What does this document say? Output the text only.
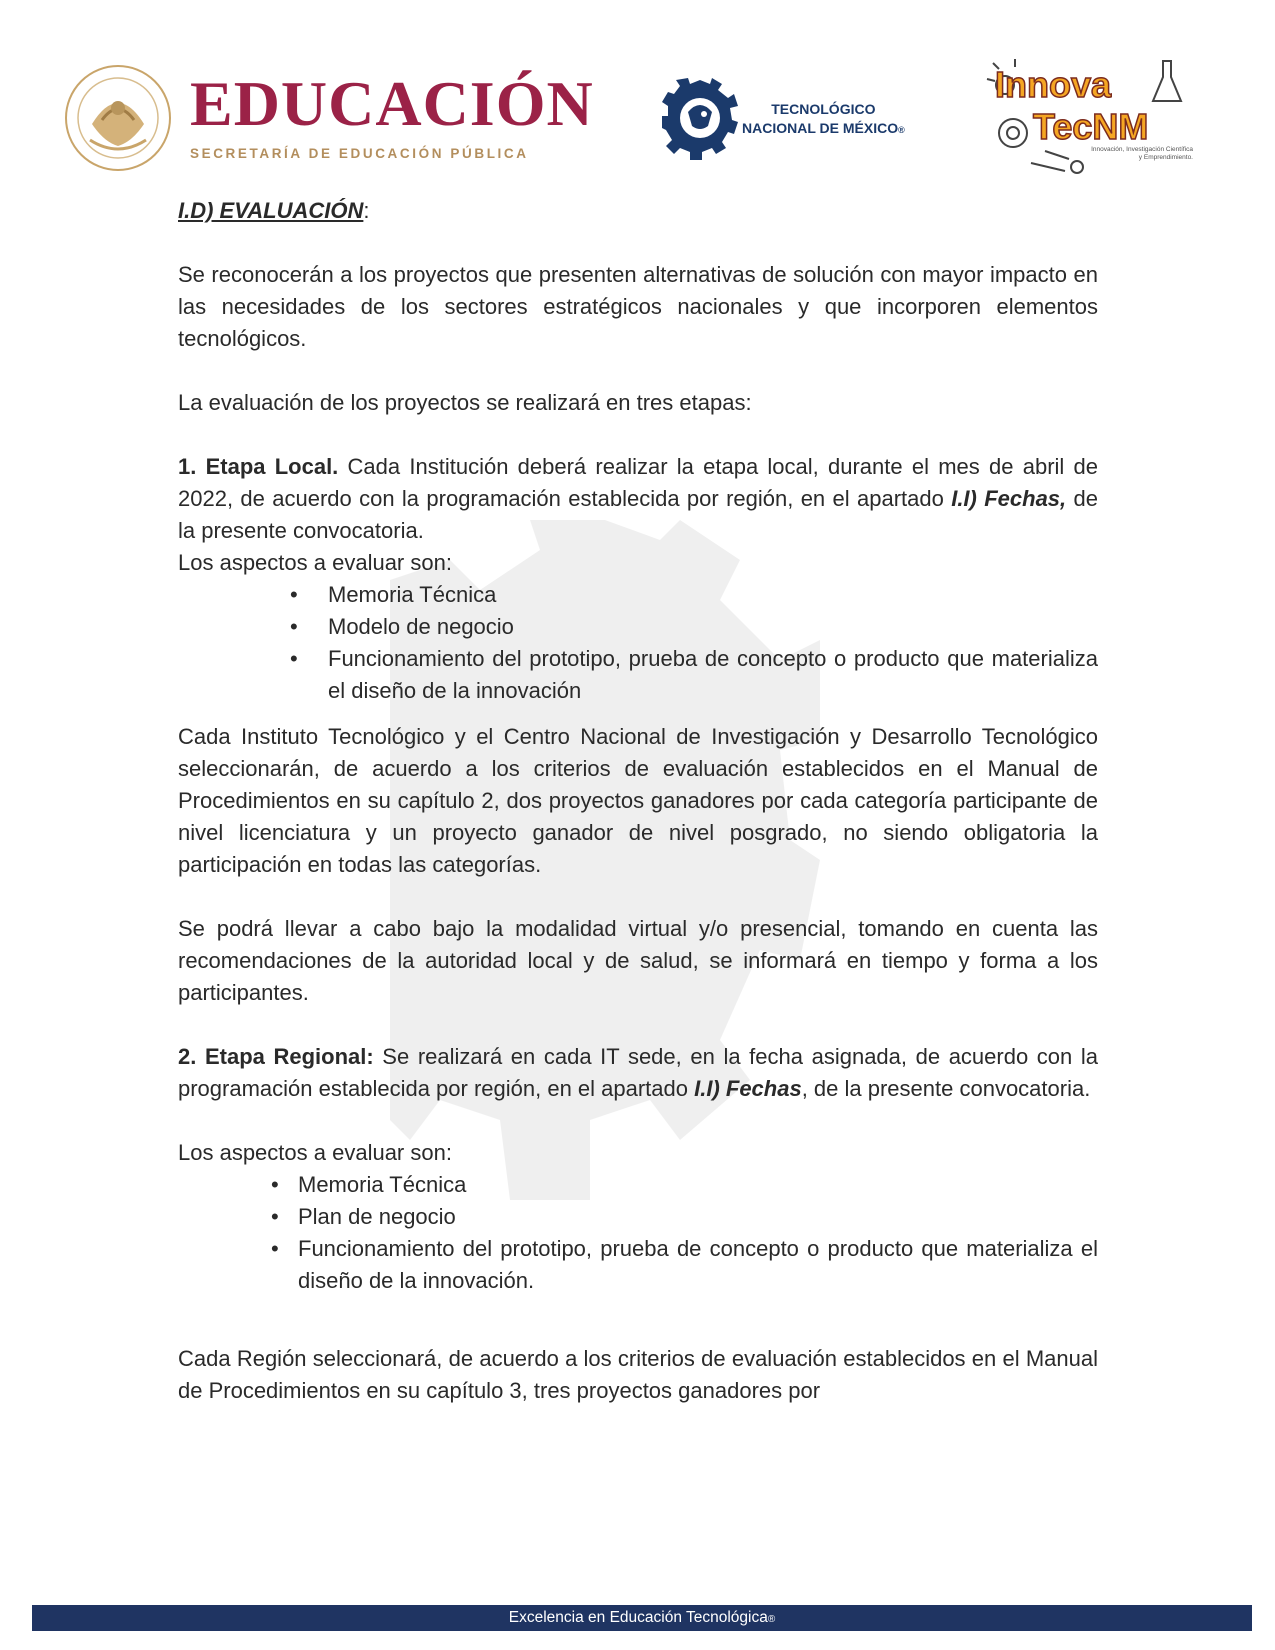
EDUCACIÓN
SECRETARÍA DE EDUCACIÓN PÚBLICA
TECNOLÓGICO
NACIONAL DE MÉXICO®
Innova
TecNM
Innovación, Investigación Científica
y Emprendimiento.

I.D) EVALUACIÓN:

Se reconocerán a los proyectos que presenten alternativas de solución con mayor impacto en las necesidades de los sectores estratégicos nacionales y que incorporen elementos tecnológicos.

La evaluación de los proyectos se realizará en tres etapas:

1. Etapa Local. Cada Institución deberá realizar la etapa local, durante el mes de abril de 2022, de acuerdo con la programación establecida por región, en el apartado I.I) Fechas, de la presente convocatoria.

Los aspectos a evaluar son:

• Memoria Técnica
• Modelo de negocio
• Funcionamiento del prototipo, prueba de concepto o producto que materializa el diseño de la innovación

Cada Instituto Tecnológico y el Centro Nacional de Investigación y Desarrollo Tecnológico seleccionarán, de acuerdo a los criterios de evaluación establecidos en el Manual de Procedimientos en su capítulo 2, dos proyectos ganadores por cada categoría participante de nivel licenciatura y un proyecto ganador de nivel posgrado, no siendo obligatoria la participación en todas las categorías.

Se podrá llevar a cabo bajo la modalidad virtual y/o presencial, tomando en cuenta las recomendaciones de la autoridad local y de salud, se informará en tiempo y forma a los participantes.

2. Etapa Regional: Se realizará en cada IT sede, en la fecha asignada, de acuerdo con la programación establecida por región, en el apartado I.I) Fechas, de la presente convocatoria.

Los aspectos a evaluar son:

• Memoria Técnica
• Plan de negocio
• Funcionamiento del prototipo, prueba de concepto o producto que materializa el diseño de la innovación.

Cada Región seleccionará, de acuerdo a los criterios de evaluación establecidos en el Manual de Procedimientos en su capítulo 3, tres proyectos ganadores por

Excelencia en Educación Tecnológica®
